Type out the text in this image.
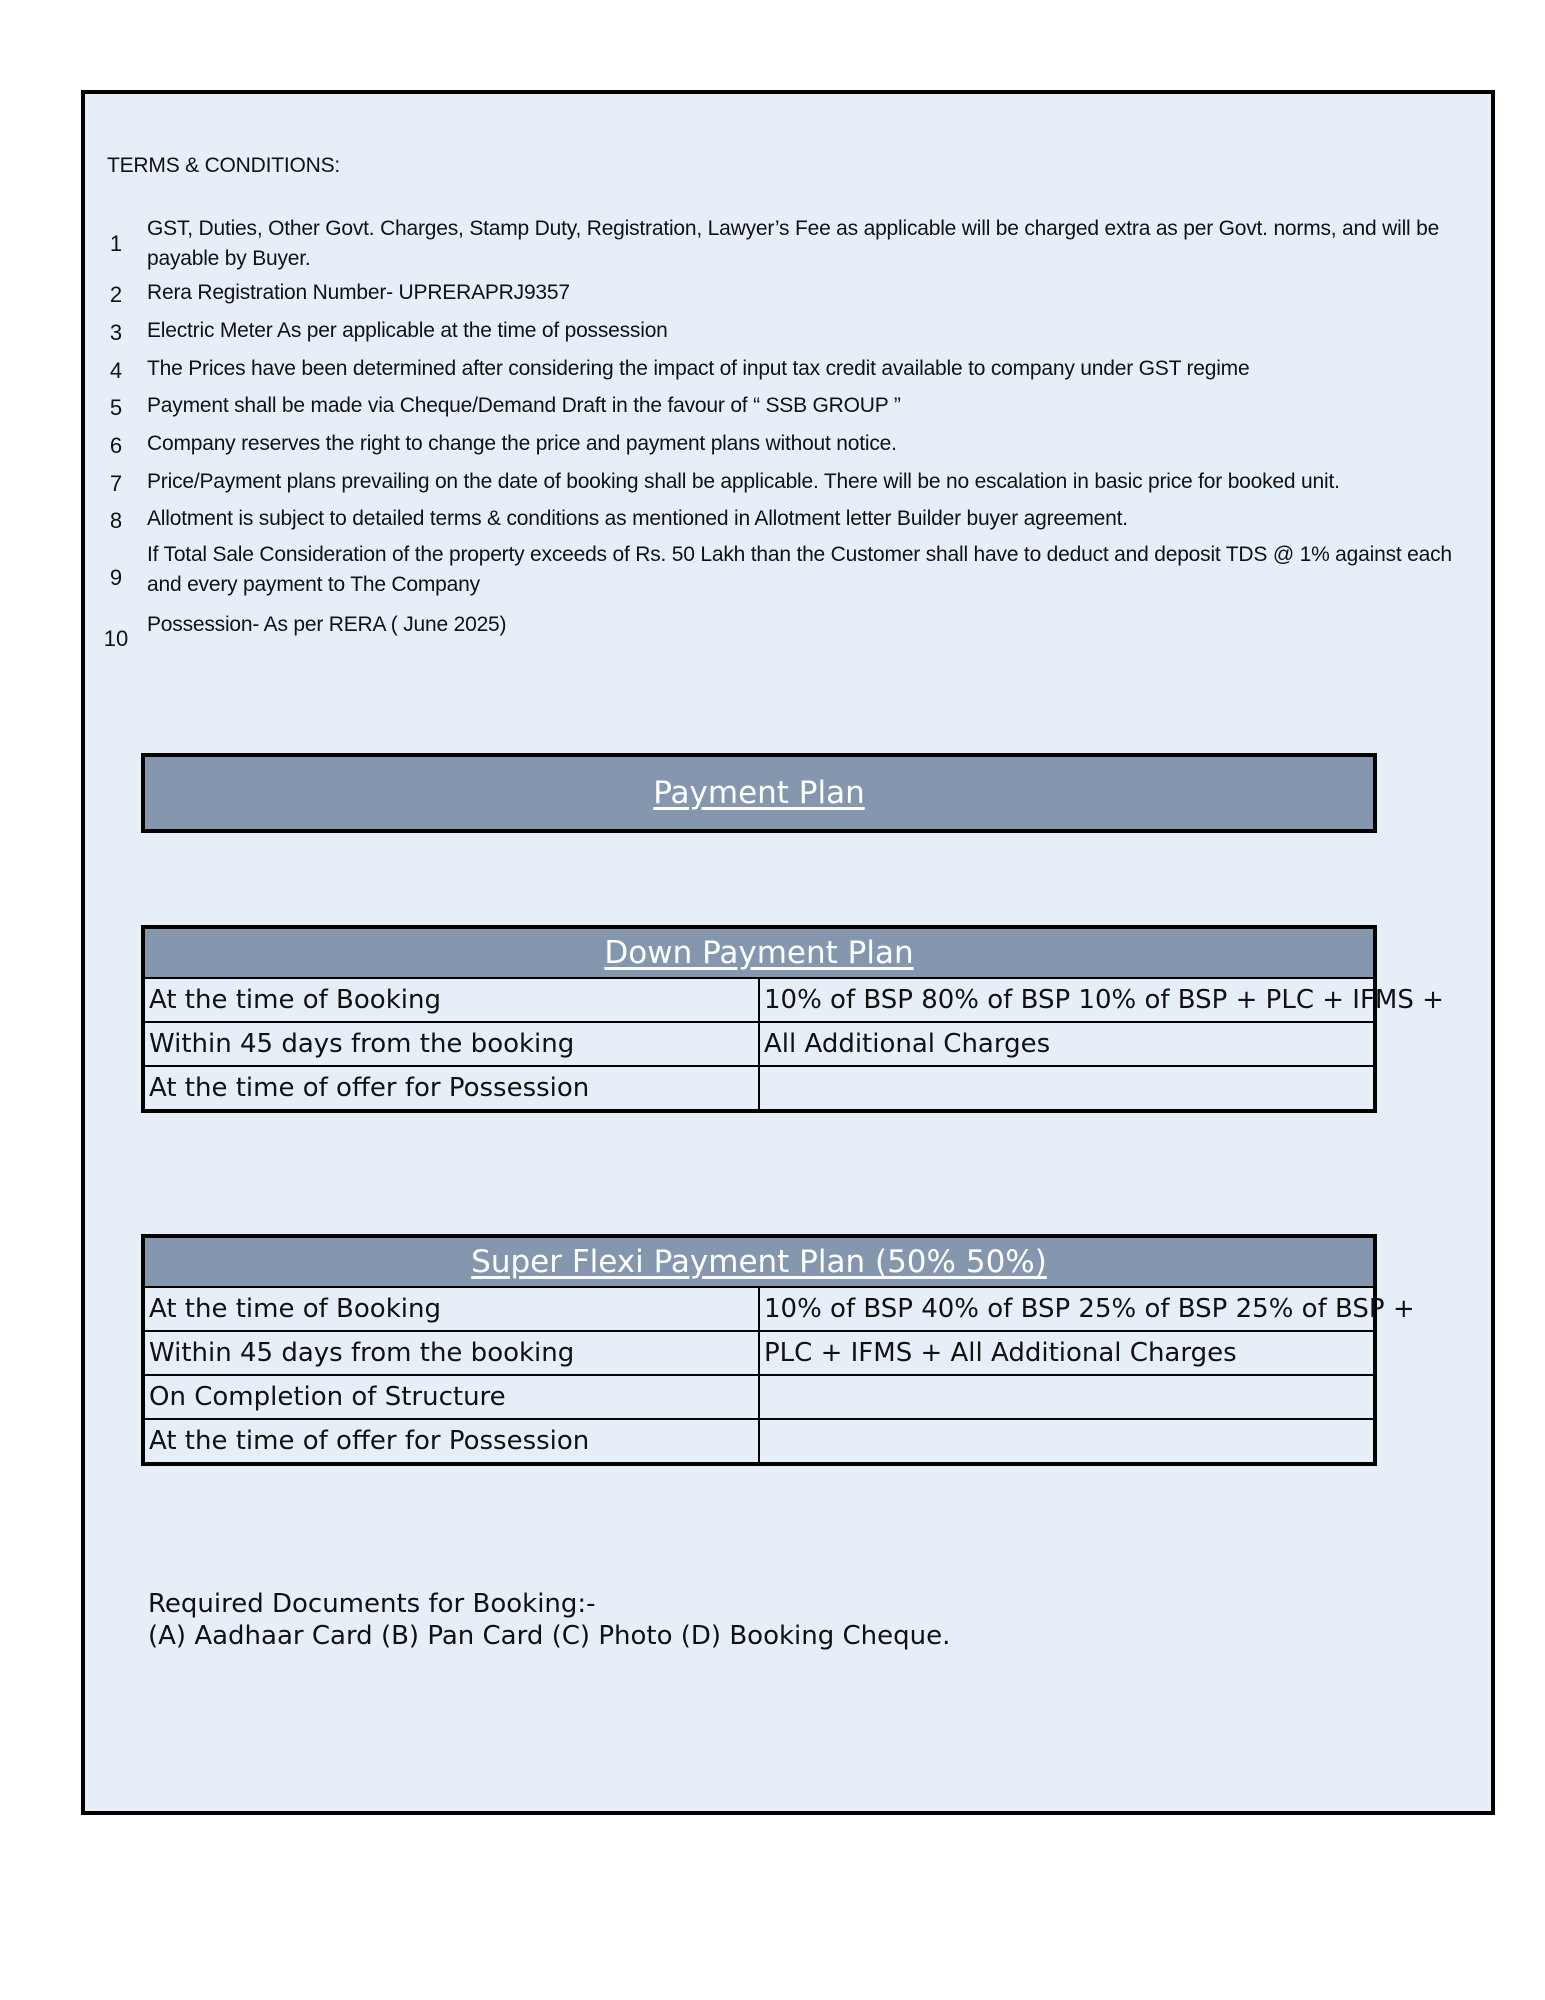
TERMS & CONDITIONS:
1
GST, Duties, Other Govt. Charges, Stamp Duty, Registration, Lawyer’s Fee as applicable will be charged extra as per Govt. norms, and will be payable by Buyer.
2	Rera Registration Number- UPRERAPRJ9357
3	Electric Meter As per applicable at the time of possession
4	The Prices have been determined after considering the impact of input tax credit available to company under GST regime
5	Payment shall be made via Cheque/Demand Draft in the favour of “ SSB GROUP ”
6	Company reserves the right to change the price and payment plans without notice.
7	Price/Payment plans prevailing on the date of booking shall be applicable. There will be no escalation in basic price for booked unit.
8	Allotment is subject to detailed terms & conditions as mentioned in Allotment letter Builder buyer agreement.
9
If Total Sale Consideration of the property exceeds of Rs. 50 Lakh than the Customer shall have to deduct and deposit TDS @ 1% against each and every payment to The Company
10
Possession- As per RERA ( June 2025)
Payment Plan
Down Payment Plan	
At the time of Booking	10% of BSP 80% of BSP 10% of BSP + PLC + IFMS +
Within 45 days from the booking	All Additional Charges
At the time of offer for Possession	
Super Flexi Payment Plan (50% 50%)	
At the time of Booking	10% of BSP 40% of BSP 25% of BSP 25% of BSP +
Within 45 days from the booking	PLC + IFMS + All Additional Charges
On Completion of Structure	
At the time of offer for Possession	
Required Documents for Booking:-
(A) Aadhaar Card (B) Pan Card (C) Photo (D) Booking Cheque.
